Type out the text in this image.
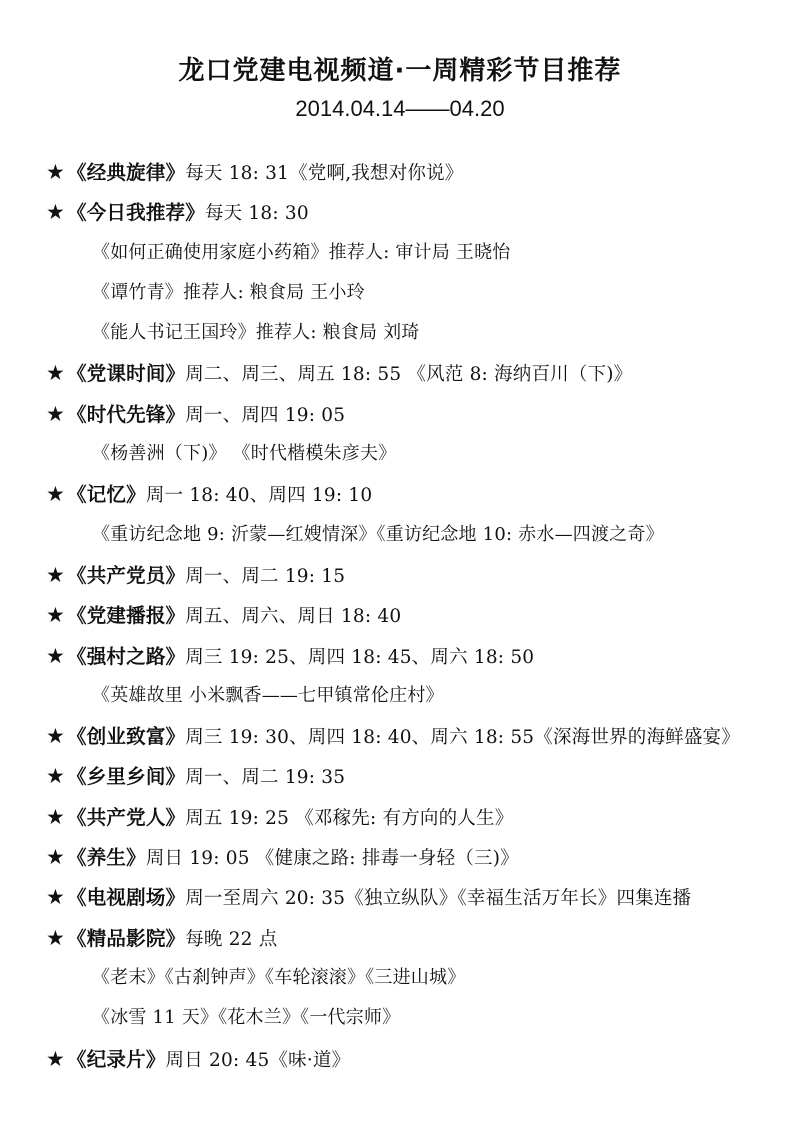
龙口党建电视频道·一周精彩节目推荐
2014.04.14——04.20
★ 《经典旋律》每天 18: 31《党啊,我想对你说》
★ 《今日我推荐》每天 18: 30
《如何正确使用家庭小药箱》推荐人: 审计局 王晓怡
《谭竹青》推荐人: 粮食局 王小玲
《能人书记王国玲》推荐人: 粮食局 刘琦
★ 《党课时间》周二、周三、周五 18: 55 《风范 8: 海纳百川（下)》
★ 《时代先锋》周一、周四 19: 05
《杨善洲（下)》 《时代楷模朱彦夫》
★ 《记忆》周一 18: 40、周四 19: 10
《重访纪念地 9: 沂蒙—红嫂情深》《重访纪念地 10: 赤水—四渡之奇》
★ 《共产党员》周一、周二 19: 15
★ 《党建播报》周五、周六、周日 18: 40
★ 《强村之路》周三 19: 25、周四 18: 45、周六 18: 50
《英雄故里 小米飘香——七甲镇常伦庄村》
★ 《创业致富》周三 19: 30、周四 18: 40、周六 18: 55《深海世界的海鲜盛宴》
★ 《乡里乡间》周一、周二 19: 35
★ 《共产党人》周五 19: 25 《邓稼先: 有方向的人生》
★ 《养生》周日 19: 05 《健康之路: 排毒一身轻（三)》
★ 《电视剧场》周一至周六 20: 35《独立纵队》《幸福生活万年长》四集连播
★ 《精品影院》每晚 22 点
《老末》《古刹钟声》《车轮滚滚》《三进山城》
《冰雪 11 天》《花木兰》《一代宗师》
★ 《纪录片》周日 20: 45《味·道》
